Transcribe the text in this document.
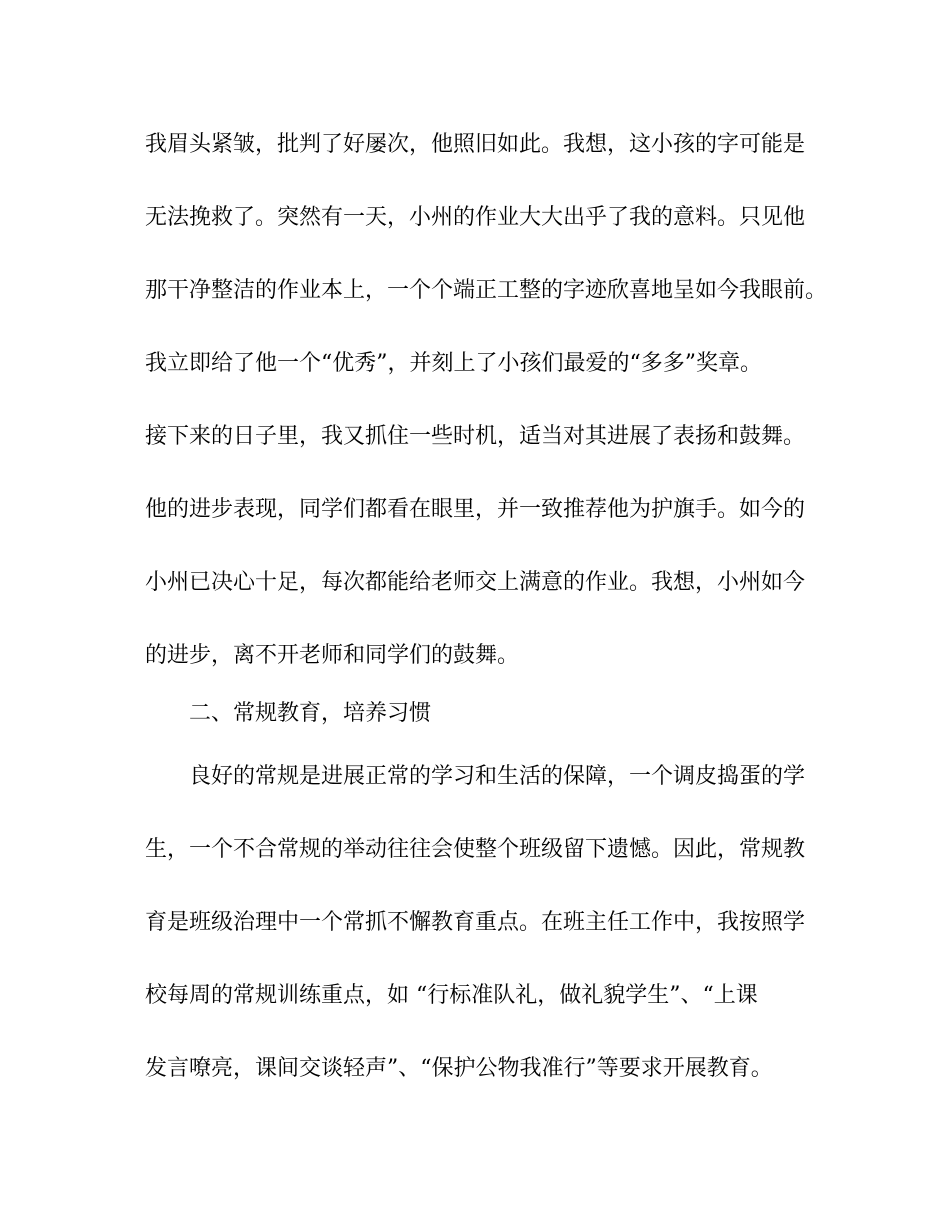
我眉头紧皱，批判了好屡次，他照旧如此。我想，这小孩的字可能是
无法挽救了。突然有一天，小州的作业大大出乎了我的意料。只见他
那干净整洁的作业本上，一个个端正工整的字迹欣喜地呈如今我眼前。
我立即给了他一个“优秀”，并刻上了小孩们最爱的“多多”奖章。
接下来的日子里，我又抓住一些时机，适当对其进展了表扬和鼓舞。
他的进步表现，同学们都看在眼里，并一致推荐他为护旗手。如今的
小州已决心十足，每次都能给老师交上满意的作业。我想，小州如今
的进步，离不开老师和同学们的鼓舞。
二、常规教育，培养习惯
良好的常规是进展正常的学习和生活的保障，一个调皮捣蛋的学
生，一个不合常规的举动往往会使整个班级留下遗憾。因此，常规教
育是班级治理中一个常抓不懈教育重点。在班主任工作中，我按照学
校每周的常规训练重点，如 “行标准队礼，做礼貌学生”、“上课
发言嘹亮，课间交谈轻声”、“保护公物我准行”等要求开展教育。
